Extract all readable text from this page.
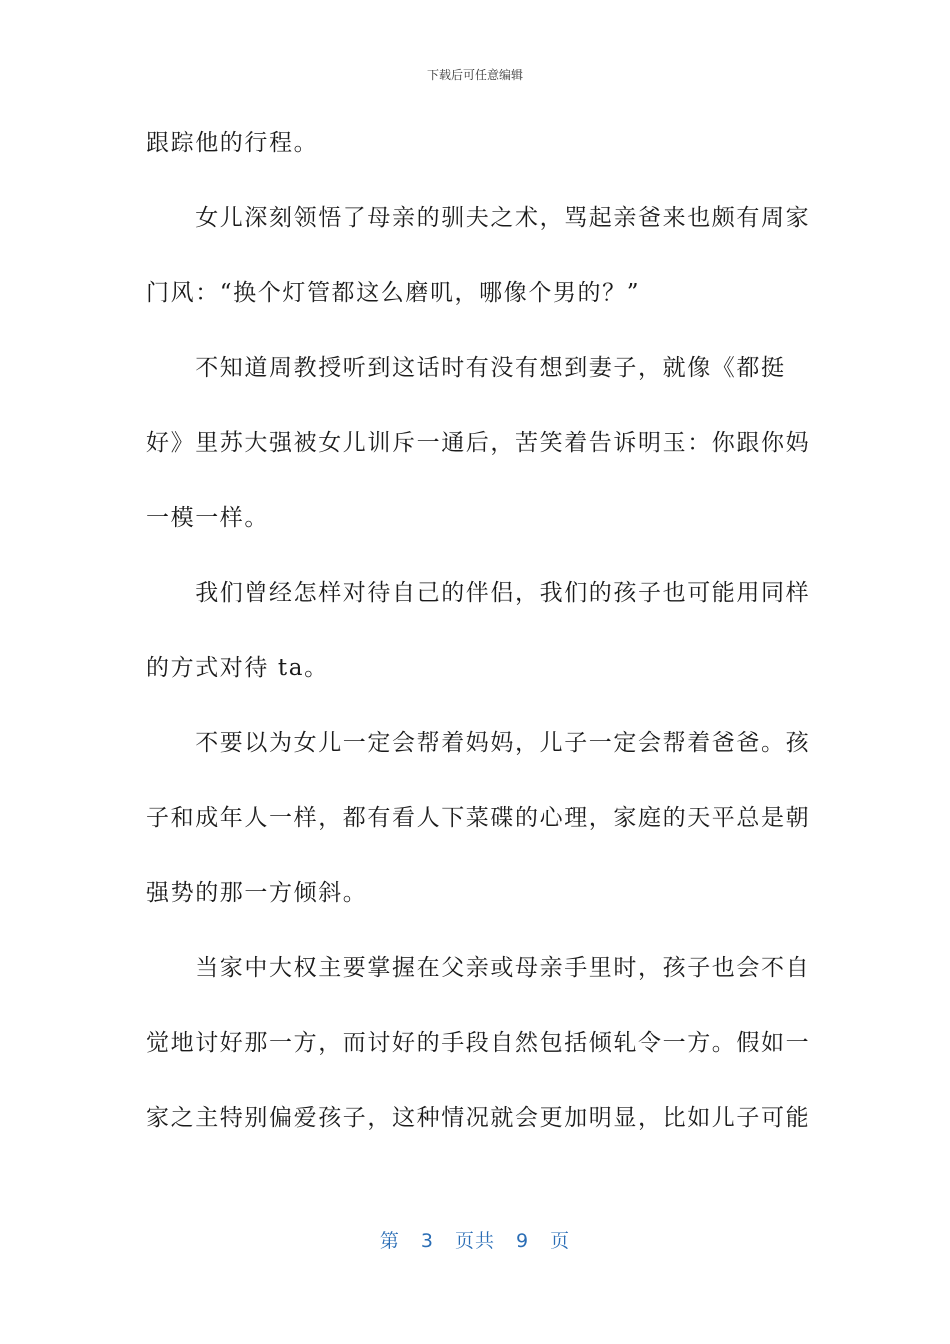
下载后可任意编辑
跟踪他的行程。
　　女儿深刻领悟了母亲的驯夫之术，骂起亲爸来也颇有周家
门风：“换个灯管都这么磨叽，哪像个男的？”
　　不知道周教授听到这话时有没有想到妻子，就像《都挺
好》里苏大强被女儿训斥一通后，苦笑着告诉明玉：你跟你妈
一模一样。
　　我们曾经怎样对待自己的伴侣，我们的孩子也可能用同样
的方式对待 ta。
　　不要以为女儿一定会帮着妈妈，儿子一定会帮着爸爸。孩
子和成年人一样，都有看人下菜碟的心理，家庭的天平总是朝
强势的那一方倾斜。
　　当家中大权主要掌握在父亲或母亲手里时，孩子也会不自
觉地讨好那一方，而讨好的手段自然包括倾轧令一方。假如一
家之主特别偏爱孩子，这种情况就会更加明显，比如儿子可能
第 3 页共 9 页
